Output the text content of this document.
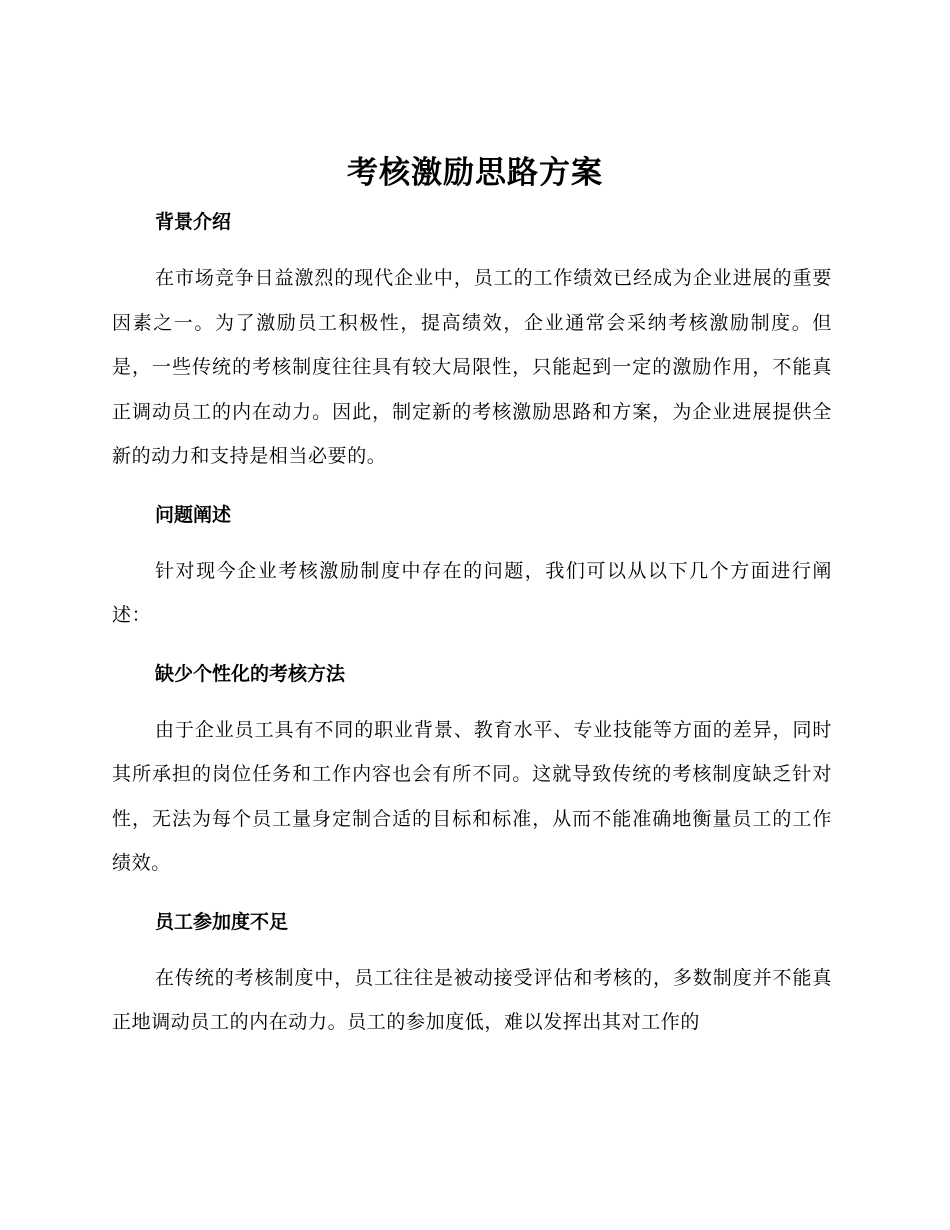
考核激励思路方案

背景介绍

在市场竞争日益激烈的现代企业中，员工的工作绩效已经成为企业进展的重要因素之一。为了激励员工积极性，提高绩效，企业通常会采纳考核激励制度。但是，一些传统的考核制度往往具有较大局限性，只能起到一定的激励作用，不能真正调动员工的内在动力。因此，制定新的考核激励思路和方案，为企业进展提供全新的动力和支持是相当必要的。

问题阐述

针对现今企业考核激励制度中存在的问题，我们可以从以下几个方面进行阐述：

缺少个性化的考核方法

由于企业员工具有不同的职业背景、教育水平、专业技能等方面的差异，同时其所承担的岗位任务和工作内容也会有所不同。这就导致传统的考核制度缺乏针对性，无法为每个员工量身定制合适的目标和标准，从而不能准确地衡量员工的工作绩效。

员工参加度不足

在传统的考核制度中，员工往往是被动接受评估和考核的，多数制度并不能真正地调动员工的内在动力。员工的参加度低，难以发挥出其对工作的
